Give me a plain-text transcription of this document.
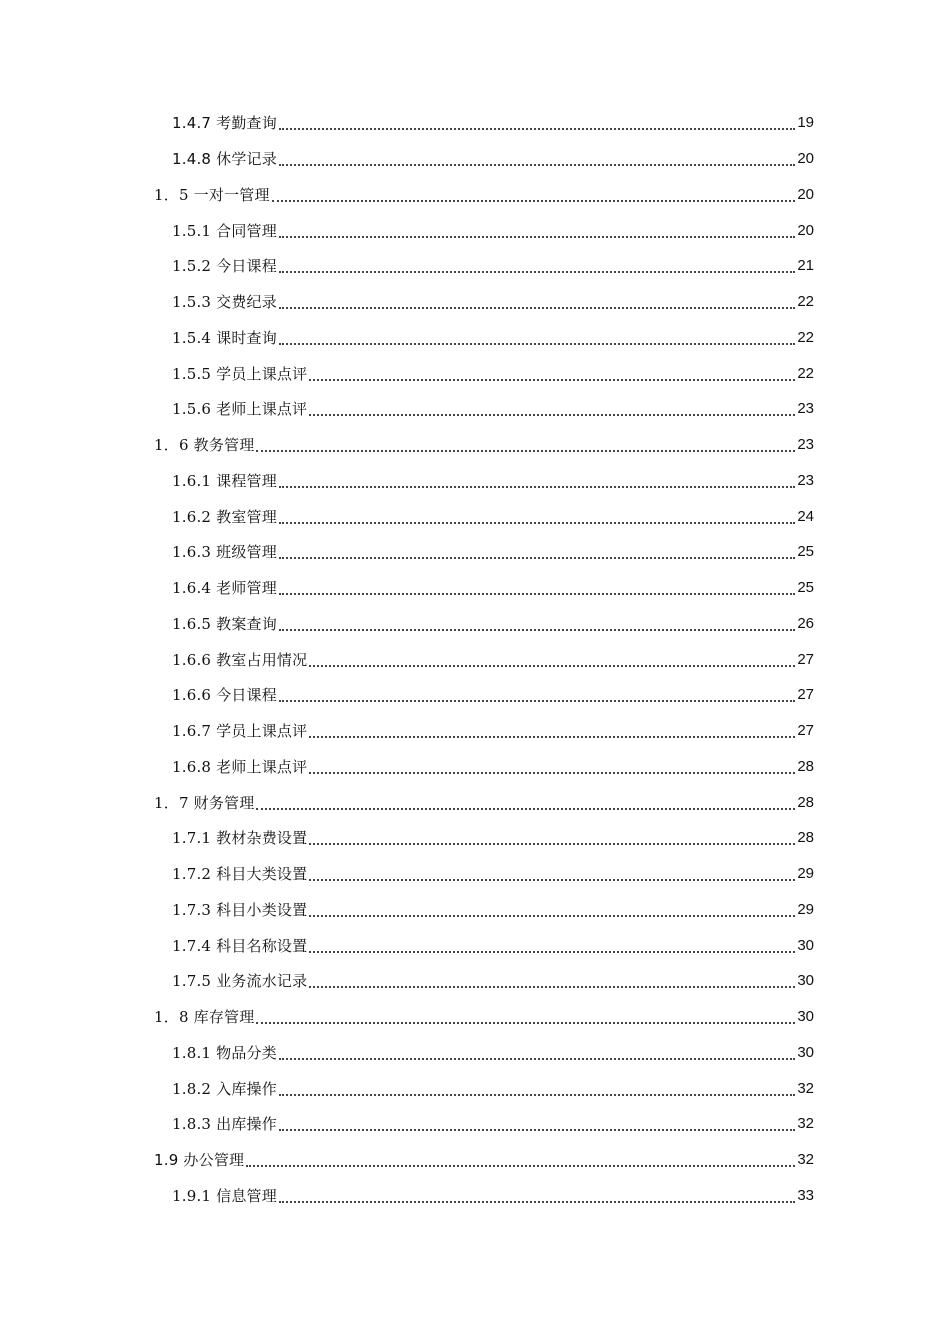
1.4.7 考勤查询	19
1.4.8 休学记录	20
1．5 一对一管理	20
1.5.1 合同管理	20
1.5.2 今日课程	21
1.5.3 交费纪录	22
1.5.4 课时查询	22
1.5.5 学员上课点评	22
1.5.6 老师上课点评	23
1．6 教务管理	23
1.6.1 课程管理	23
1.6.2 教室管理	24
1.6.3 班级管理	25
1.6.4 老师管理	25
1.6.5 教案查询	26
1.6.6 教室占用情况	27
1.6.6 今日课程	27
1.6.7 学员上课点评	27
1.6.8 老师上课点评	28
1．7 财务管理	28
1.7.1 教材杂费设置	28
1.7.2 科目大类设置	29
1.7.3 科目小类设置	29
1.7.4 科目名称设置	30
1.7.5 业务流水记录	30
1．8 库存管理	30
1.8.1 物品分类	30
1.8.2 入库操作	32
1.8.3 出库操作	32
1.9 办公管理	32
1.9.1 信息管理	33
